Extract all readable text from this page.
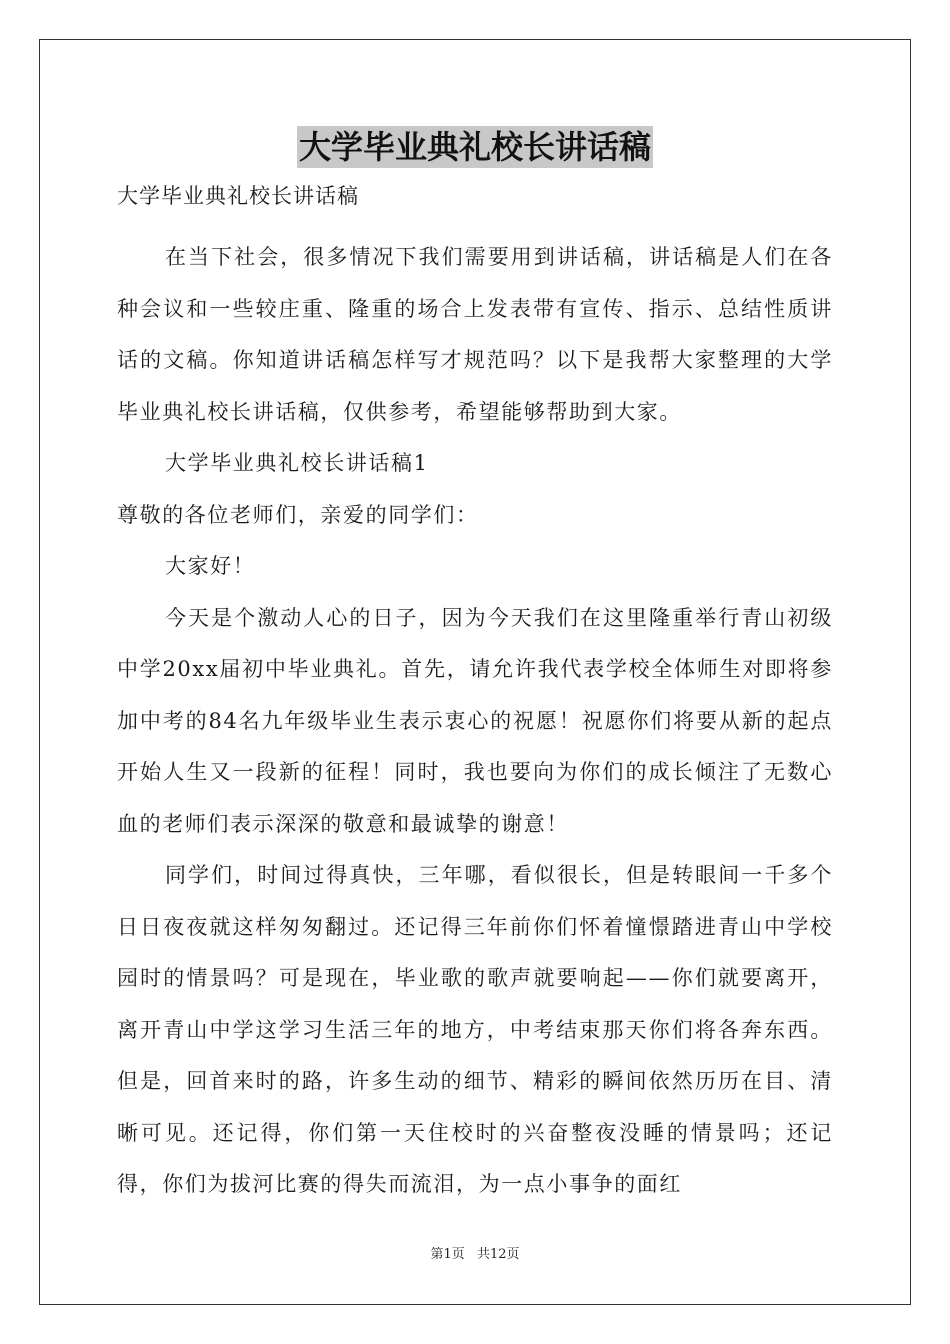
大学毕业典礼校长讲话稿

大学毕业典礼校长讲话稿

在当下社会，很多情况下我们需要用到讲话稿，讲话稿是人们在各种会议和一些较庄重、隆重的场合上发表带有宣传、指示、总结性质讲话的文稿。你知道讲话稿怎样写才规范吗？以下是我帮大家整理的大学毕业典礼校长讲话稿，仅供参考，希望能够帮助到大家。

大学毕业典礼校长讲话稿1

尊敬的各位老师们，亲爱的同学们：

大家好！

今天是个激动人心的日子，因为今天我们在这里隆重举行青山初级中学20xx届初中毕业典礼。首先，请允许我代表学校全体师生对即将参加中考的84名九年级毕业生表示衷心的祝愿！祝愿你们将要从新的起点开始人生又一段新的征程！同时，我也要向为你们的成长倾注了无数心血的老师们表示深深的敬意和最诚挚的谢意！

同学们，时间过得真快，三年哪，看似很长，但是转眼间一千多个日日夜夜就这样匆匆翻过。还记得三年前你们怀着憧憬踏进青山中学校园时的情景吗？可是现在，毕业歌的歌声就要响起——你们就要离开，离开青山中学这学习生活三年的地方，中考结束那天你们将各奔东西。但是，回首来时的路，许多生动的细节、精彩的瞬间依然历历在目、清晰可见。还记得，你们第一天住校时的兴奋整夜没睡的情景吗；还记得，你们为拔河比赛的得失而流泪，为一点小事争的面红

第1页 共12页
